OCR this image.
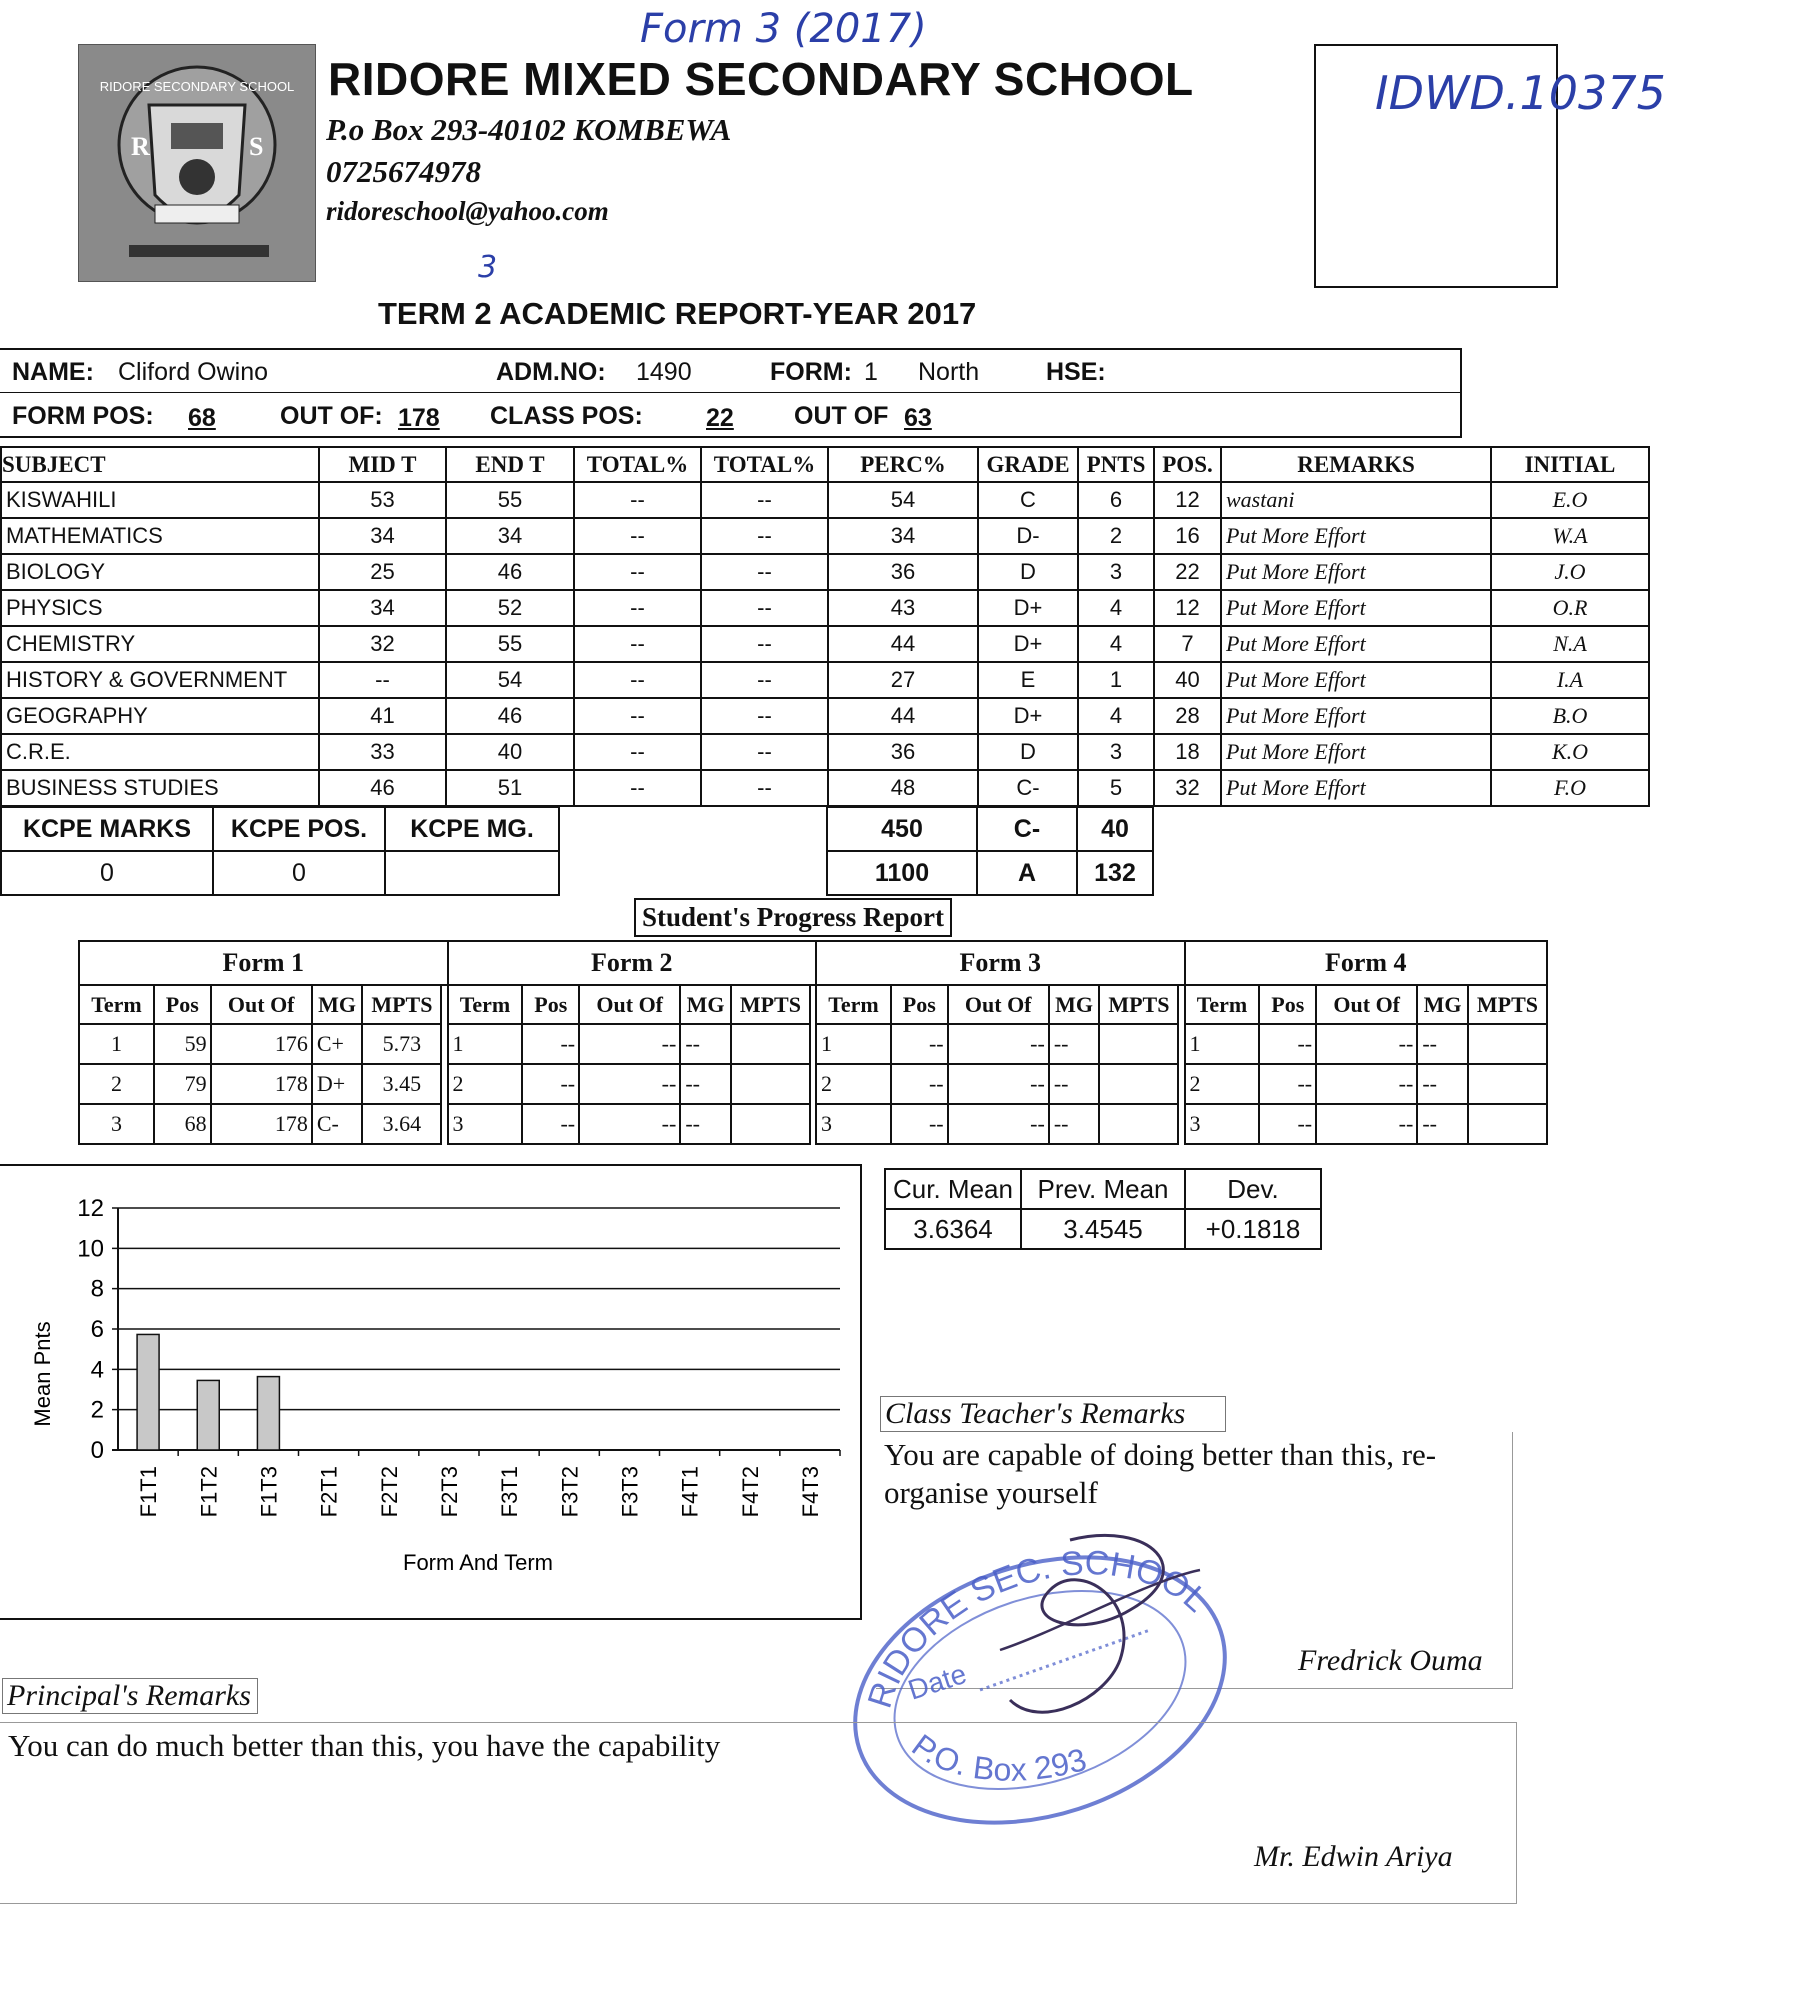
R	S
RIDORE SECONDARY SCHOOL RIDORE MIXED SECONDARY SCHOOL
P.o Box 293-40102 KOMBEWA
0725674978
ridoreschool@yahoo.com
Form 3 (2017)
IDWD.10375
3
TERM 2 ACADEMIC REPORT-YEAR 2017
NAME: Cliford Owino	ADM.NO: 1490	FORM: 1 North	HSE:
FORM POS: 68	OUT OF: 178 CLASS POS:	22 OUT OF 63
SUBJECT	MID T	END T	TOTAL%	TOTAL%	PERC%	GRADE	PNTS	POS.	REMARKS	INITIAL
KISWAHILI	53	55	--	--	54	C	6	12	wastani	E.O
MATHEMATICS	34	34	--	--	34	D-	2	16	Put More Effort	W.A
BIOLOGY	25	46	--	--	36	D	3	22	Put More Effort	J.O
PHYSICS	34	52	--	--	43	D+	4	12	Put More Effort	O.R
CHEMISTRY	32	55	--	--	44	D+	4	7	Put More Effort	N.A
HISTORY & GOVERNMENT	--	54	--	--	27	E	1	40	Put More Effort	I.A
GEOGRAPHY	41	46	--	--	44	D+	4	28	Put More Effort	B.O
C.R.E.	33	40	--	--	36	D	3	18	Put More Effort	K.O
BUSINESS STUDIES	46	51	--	--	48	C-	5	32	Put More Effort	F.O
KCPE MARKS	KCPE POS.	KCPE MG.
0	0	
450	C-	40
1100	A	132
Student's Progress Report
Form 1						Form 2						Form 3						Form 4				
Term	Pos	Out Of	MG	MPTS		Term	Pos	Out Of	MG	MPTS		Term	Pos	Out Of	MG	MPTS		Term	Pos	Out Of	MG	MPTS
1	59	176	C+	5.73		1	--	--	--			1	--	--	--			1	--	--	--	
2	79	178	D+	3.45		2	--	--	--			2	--	--	--			2	--	--	--	
3	68	178	C-	3.64		3	--	--	--			3	--	--	--			3	--	--	--	
0
2
4
6
8
10
12
F1T1 F1T2 F1T3 F2T1 F2T2 F2T3 F3T1 F3T2 F3T3 F4T1 F4T2 F4T3
Mean Pnts
Form And Term
Cur. Mean	Prev. Mean	Dev.
3.6364	3.4545	+0.1818
Class Teacher's Remarks
You are capable of doing better than this, re-organise yourself
Fredrick Ouma
RIDORE SEC. SCHOOL
Date
P.O. Box 293
Principal's Remarks
You can do much better than this, you have the capability
Mr. Edwin Ariya
